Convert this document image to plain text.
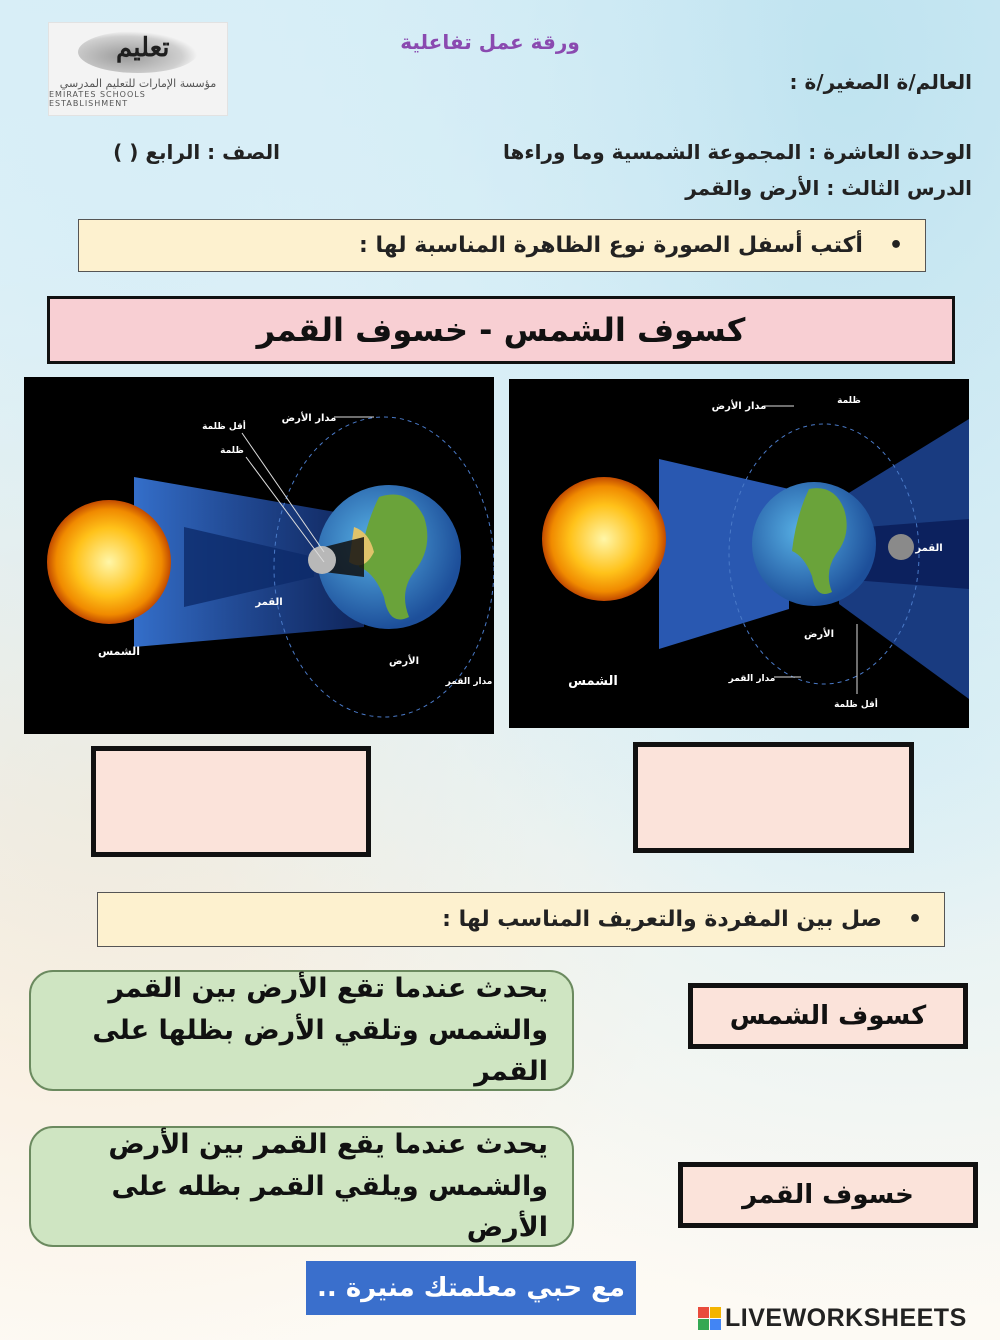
تعليم
مؤسسة الإمارات للتعليم المدرسي
EMIRATES SCHOOLS ESTABLISHMENT
ورقة عمل تفاعلية
العالم/ة الصغير/ة :
الوحدة العاشرة : المجموعة الشمسية وما وراءها
الدرس الثالث : الأرض والقمر
الصف : الرابع ( )
•
أكتب أسفل الصورة نوع الظاهرة المناسبة لها :
كسوف الشمس - خسوف القمر
الشمس
القمر
الأرض
مدار الأرض
مدار القمر
أقل ظلمة
ظلمة
الشمس
القمر
الأرض
مدار الأرض
مدار القمر
أقل ظلمة
ظلمة
•
صل بين المفردة والتعريف المناسب لها :
يحدث عندما تقع الأرض بين القمر
والشمس وتلقي الأرض بظلها على القمر
يحدث عندما يقع القمر بين الأرض
والشمس ويلقي القمر بظله على الأرض
كسوف الشمس
خسوف القمر
مع حبي معلمتك منيرة ..
LIVEWORKSHEETS
